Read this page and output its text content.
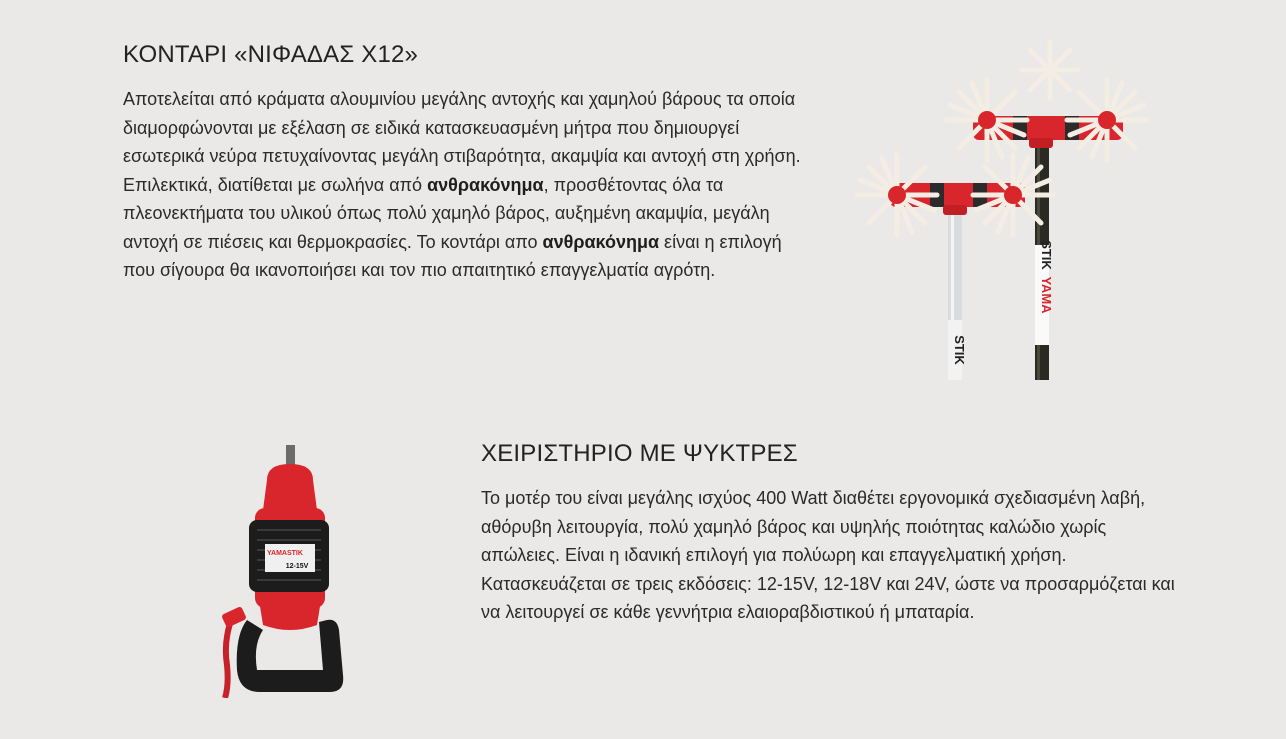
ΚΟΝΤΑΡΙ «ΝΙΦΑΔΑΣ Χ12»

Αποτελείται από κράματα αλουμινίου μεγάλης αντοχής και χαμηλού βάρους τα οποία διαμορφώνονται με εξέλαση σε ειδικά κατασκευασμένη μήτρα που δημιουργεί εσωτερικά νεύρα πετυχαίνοντας μεγάλη στιβαρότητα, ακαμψία και αντοχή στη χρήση. Επιλεκτικά, διατίθεται με σωλήνα από ανθρακόνημα, προσθέτοντας όλα τα πλεονεκτήματα του υλικού όπως πολύ χαμηλό βάρος, αυξημένη ακαμψία, μεγάλη αντοχή σε πιέσεις και θερμοκρασίες. Το κοντάρι απο ανθρακόνημα είναι η επιλογή που σίγουρα θα ικανοποιήσει και τον πιο απαιτητικό επαγγελματία αγρότη.

YAMA
STIK
STIK
YAMASTIK
12-15V
ΧΕΙΡΙΣΤΗΡΙΟ ΜΕ ΨΥΚΤΡΕΣ

Το μοτέρ του είναι μεγάλης ισχύος 400 Watt διαθέτει εργονομικά σχεδιασμένη λαβή, αθόρυβη λειτουργία, πολύ χαμηλό βάρος και υψηλής ποιότητας καλώδιο χωρίς απώλειες. Είναι η ιδανική επιλογή για πολύωρη και επαγγελματική χρήση. Κατασκευάζεται σε τρεις εκδόσεις: 12-15V, 12-18V και 24V, ώστε να προσαρμόζεται και να λειτουργεί σε κάθε γεννήτρια ελαιοραβδιστικού ή μπαταρία.
